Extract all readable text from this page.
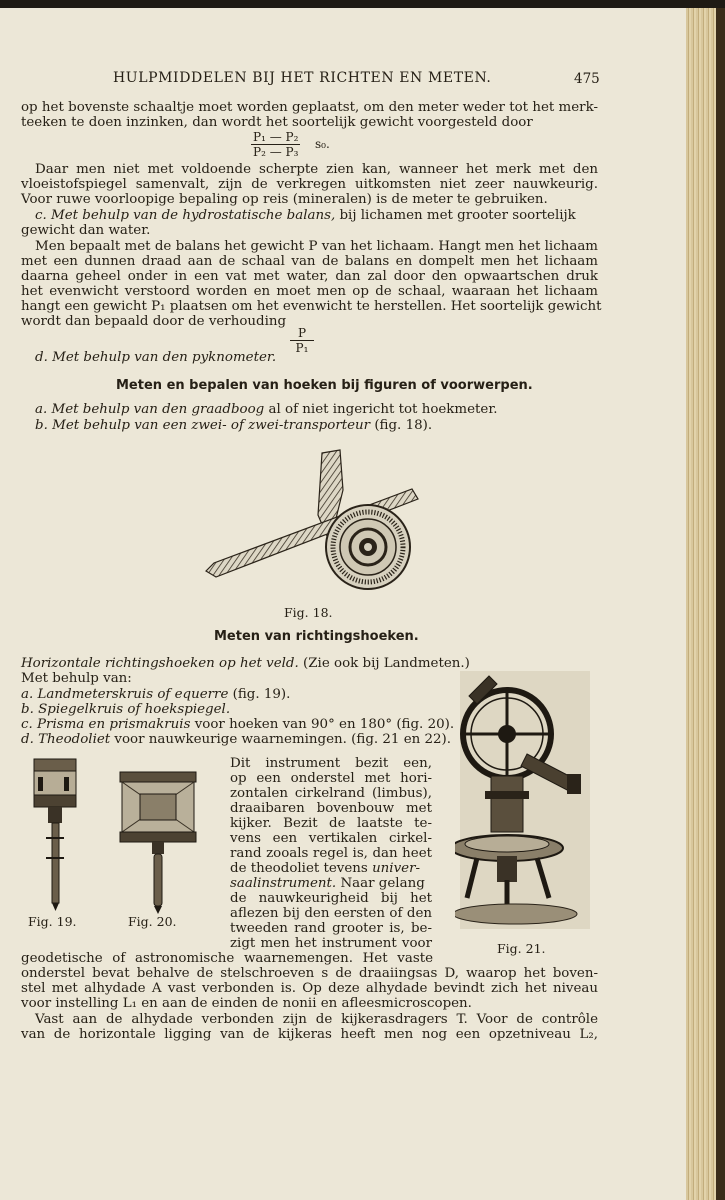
HULPMIDDELEN BIJ HET RICHTEN EN METEN.	475
op het bovenste schaaltje moet worden geplaatst, om den meter weder tot het merk-
teeken te doen inzinken, dan wordt het soortelijk gewicht voorgesteld door
$\frac{\text{P₁ — P₂}}{\text{P₂ — P₃}} s_0$.
Daar men niet met voldoende scherpte zien kan, wanneer het merk met den
vloeistofspiegel samenvalt, zijn de verkregen uitkomsten niet zeer nauwkeurig.
Voor ruwe voorloopige bepaling op reis (mineralen) is de meter te gebruiken.
c. Met behulp van de hydrostatische balans, bij lichamen met grooter soortelijk
gewicht dan water.
Men bepaalt met de balans het gewicht P van het lichaam. Hangt men het lichaam
met een dunnen draad aan de schaal van de balans en dompelt men het lichaam
daarna geheel onder in een vat met water, dan zal door den opwaartschen druk
het evenwicht verstoord worden en moet men op de schaal, waaraan het lichaam
hangt een gewicht P₁ plaatsen om het evenwicht te herstellen. Het soortelijk gewicht
wordt dan bepaald door de verhouding
$\frac{P}{\text{P₁}}$
d. Met behulp van den pyknometer.
Meten en bepalen van hoeken bij figuren of voorwerpen.
a. Met behulp van den graadboog al of niet ingericht tot hoekmeter.
b. Met behulp van een zwei- of zwei-transporteur (fig. 18).
Fig. 18.
Meten van richtingshoeken.
Horizontale richtingshoeken op het veld. (Zie ook bij Landmeten.)
Met behulp van:
a. Landmeterskruis of equerre (fig. 19).
b. Spiegelkruis of hoekspiegel.
c. Prisma en prismakruis voor hoeken van 90° en 180° (fig. 20).
d. Theodoliet voor nauwkeurige waarnemingen. (fig. 21 en 22).
Fig. 19.	Fig. 20.
Dit instrument bezit een,
op een onderstel met hori-
zontalen cirkelrand (limbus),
draaibaren bovenbouw met
kijker. Bezit de laatste te-
vens een vertikalen cirkel-
rand zooals regel is, dan heet
de theodoliet tevens univer-
saalinstrument. Naar gelang
de nauwkeurigheid bij het
aflezen bij den eersten of den
tweeden rand grooter is, be-
zigt men het instrument voor	Fig. 21.
geodetische of astronomische waarnemengen. Het vaste
onderstel bevat behalve de stelschroeven s de draaiingsas D, waarop het boven-
stel met alhydade A vast verbonden is. Op deze alhydade bevindt zich het niveau
voor instelling L₁ en aan de einden de nonii en afleesmicroscopen.
Vast aan de alhydade verbonden zijn de kijkerasdragers T. Voor de contrôle
van de horizontale ligging van de kijkeras heeft men nog een opzetniveau L₂,
